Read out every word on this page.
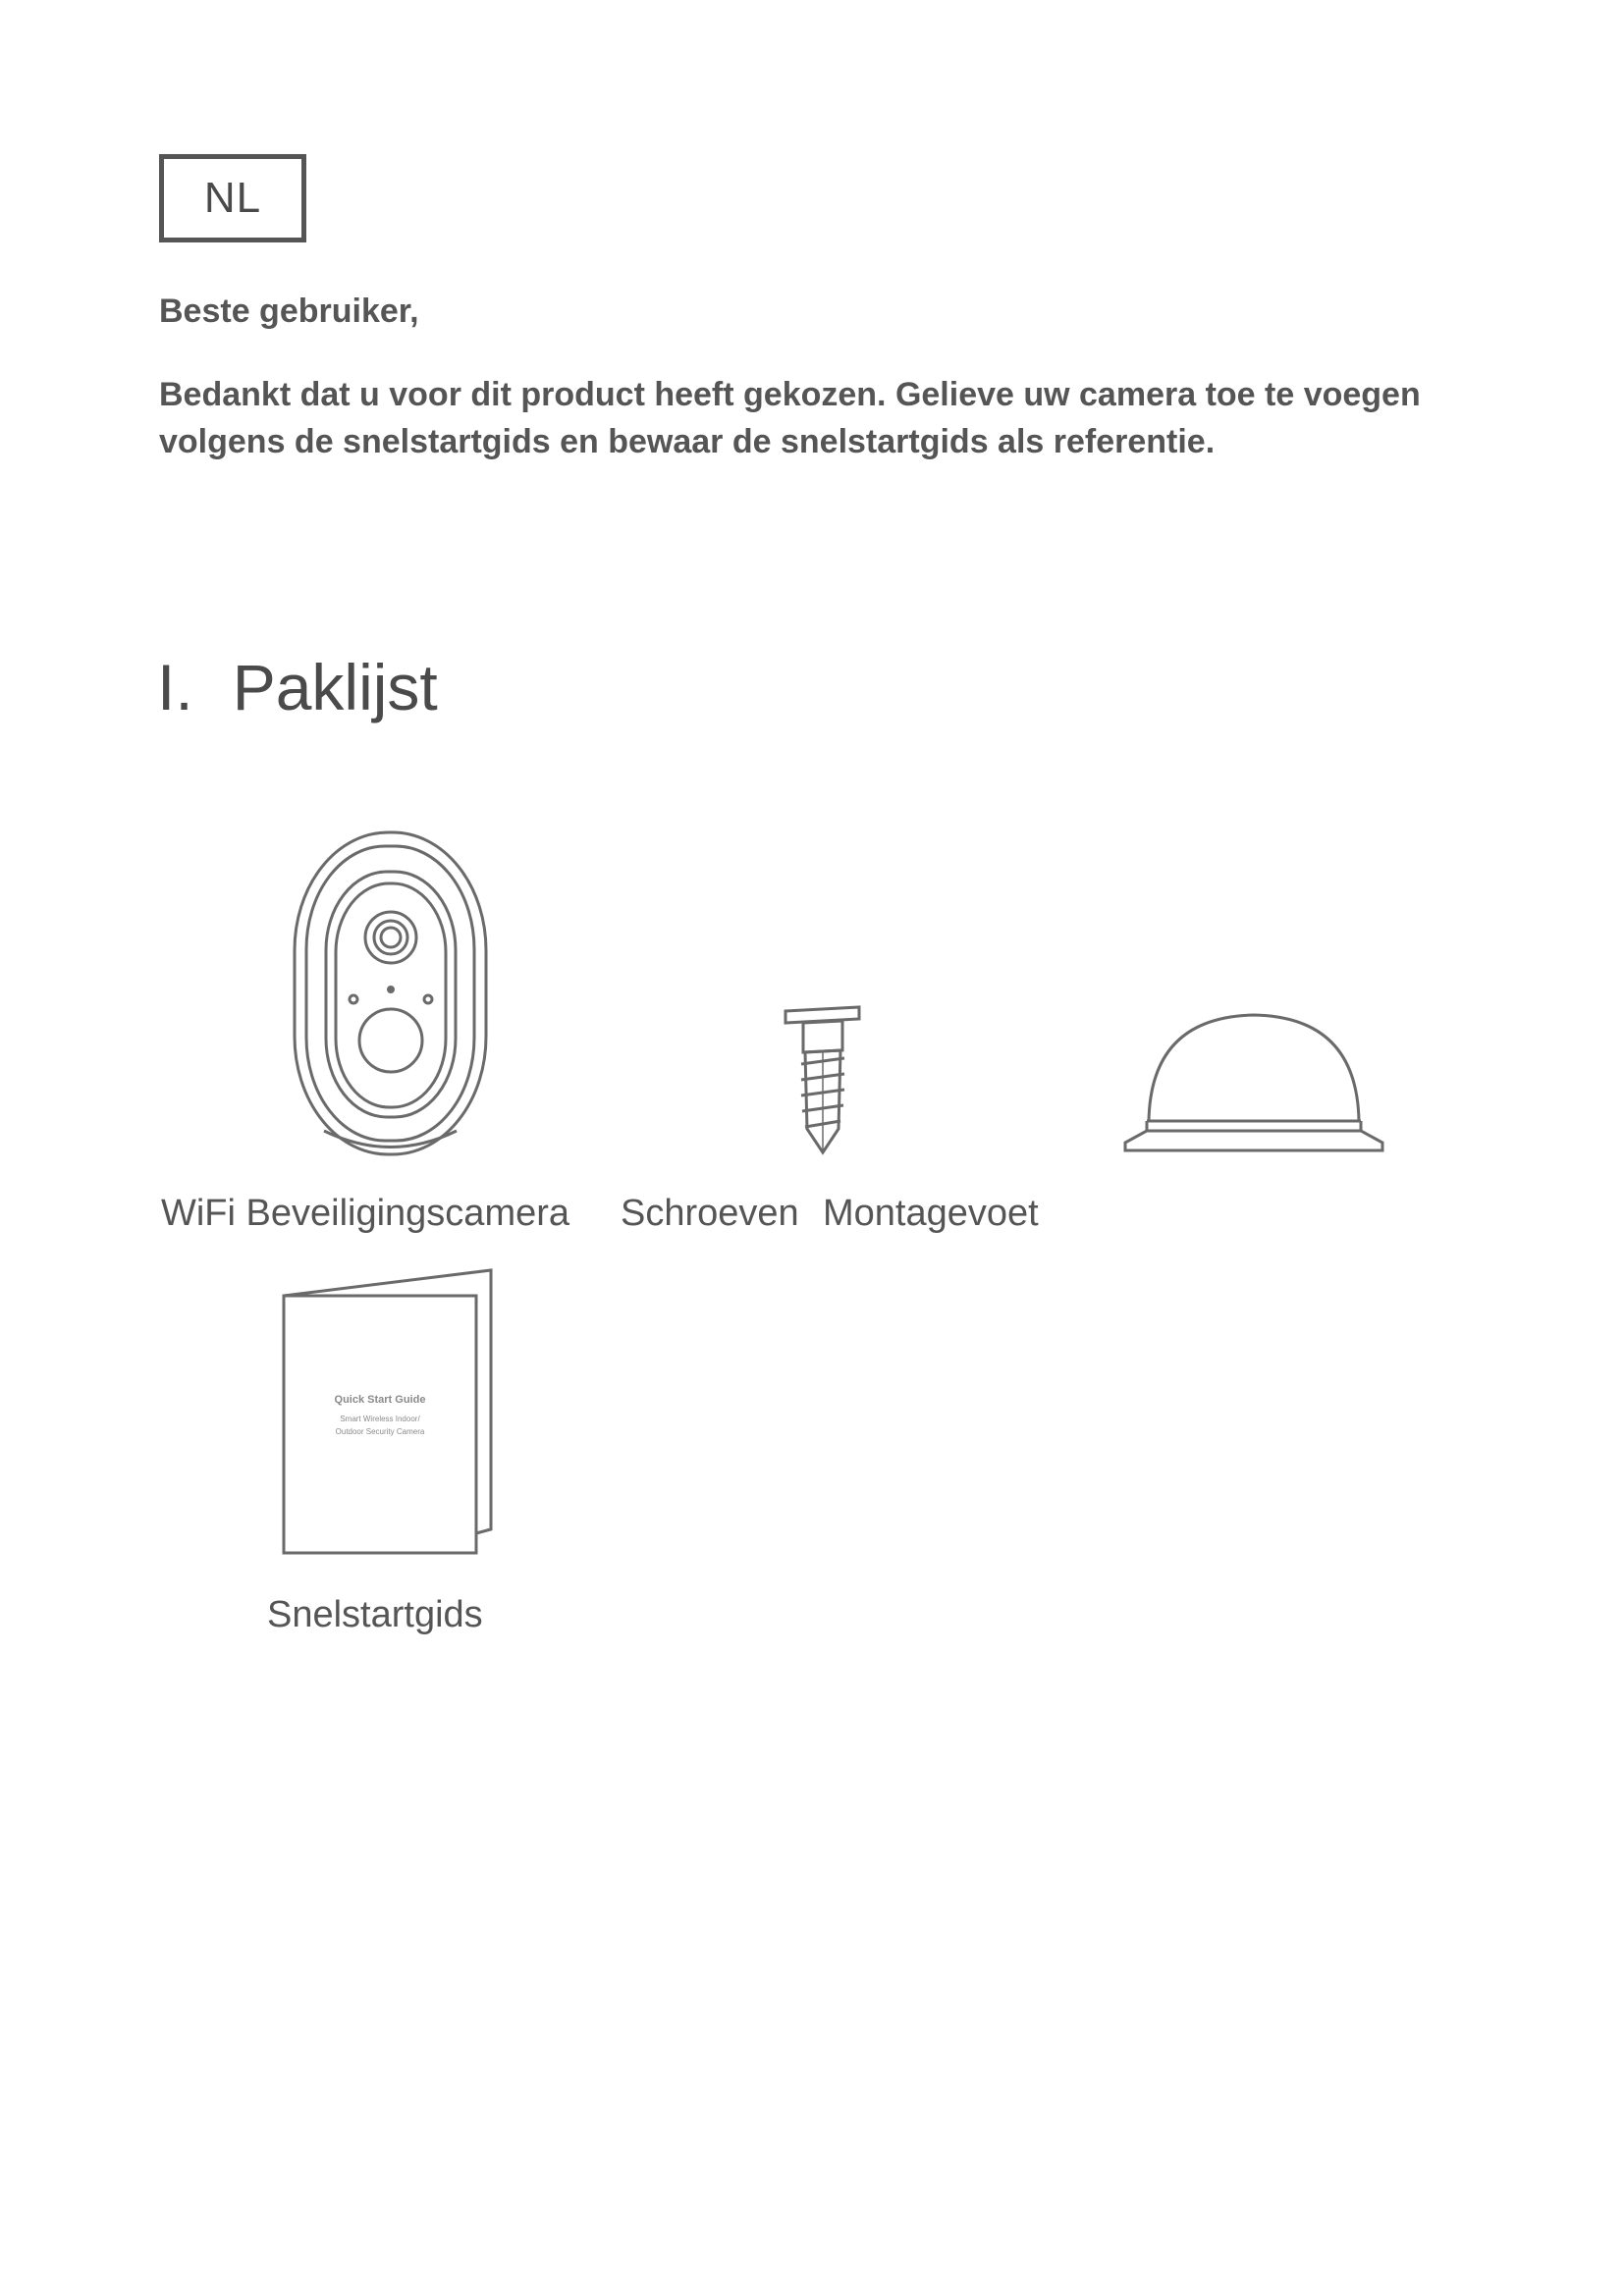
NL

Beste gebruiker,

Bedankt dat u voor dit product heeft gekozen. Gelieve uw camera toe te voegen volgens de snelstartgids en bewaar de snelstartgids als referentie.

I. Paklijst
WiFi Beveiligingscamera Schroeven Montagevoet
Quick Start Guide
Smart Wireless Indoor/
Outdoor Security Camera
Snelstartgids
